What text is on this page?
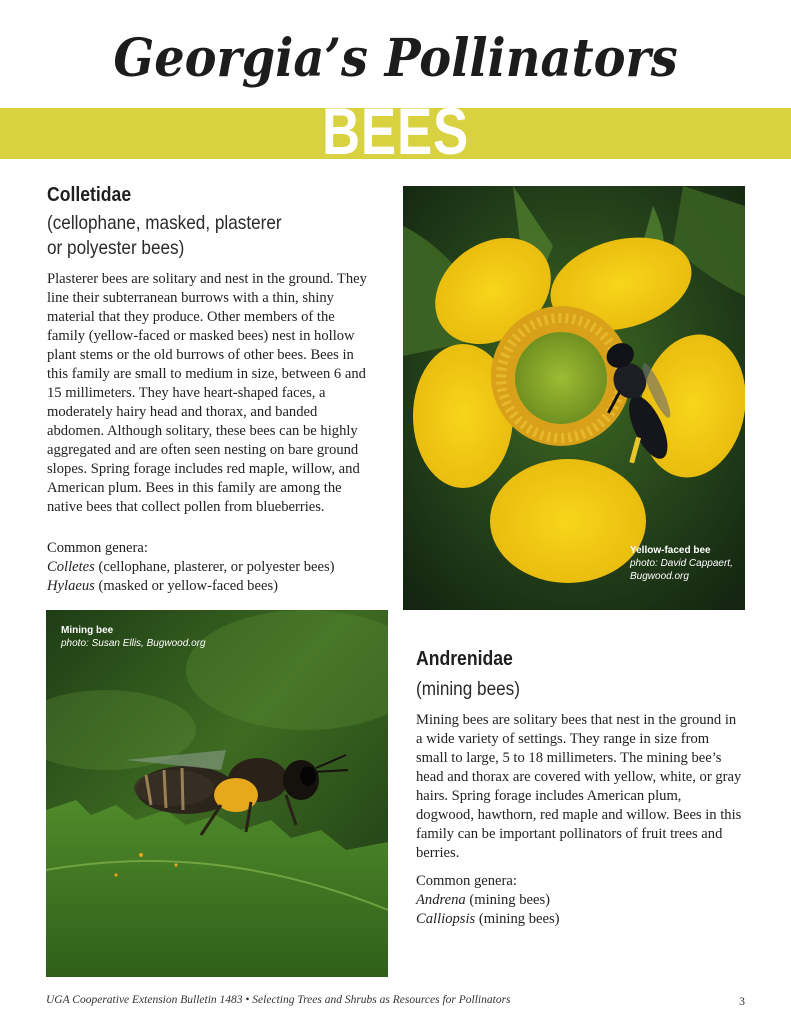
Georgia’s Pollinators
BEES
Colletidae
(cellophane, masked, plasterer
or polyester bees)

Plasterer bees are solitary and nest in the ground. They line their subterranean burrows with a thin, shiny material that they produce. Other members of the family (yellow-faced or masked bees) nest in hollow plant stems or the old burrows of other bees. Bees in this family are small to medium in size, between 6 and 15 millimeters. They have heart-shaped faces, a moderately hairy head and thorax, and banded abdomen. Although solitary, these bees can be highly aggregated and are often seen nesting on bare ground slopes. Spring forage includes red maple, willow, and American plum. Bees in this family are among the native bees that collect pollen from blueberries.

Common genera:
Colletes (cellophane, plasterer, or polyester bees)
Hylaeus (masked or yellow-faced bees)
Yellow-faced bee
photo: David Cappaert,
Bugwood.org
Mining bee
photo: Susan Ellis, Bugwood.org
Andrenidae
(mining bees)

Mining bees are solitary bees that nest in the ground in a wide variety of settings. They range in size from small to large, 5 to 18 millimeters. The mining bee’s head and thorax are covered with yellow, white, or gray hairs. Spring forage includes American plum, dogwood, hawthorn, red maple and willow. Bees in this family can be important pollinators of fruit trees and berries.

Common genera:
Andrena (mining bees)
Calliopsis (mining bees)
UGA Cooperative Extension Bulletin 1483 • Selecting Trees and Shrubs as Resources for Pollinators	3
